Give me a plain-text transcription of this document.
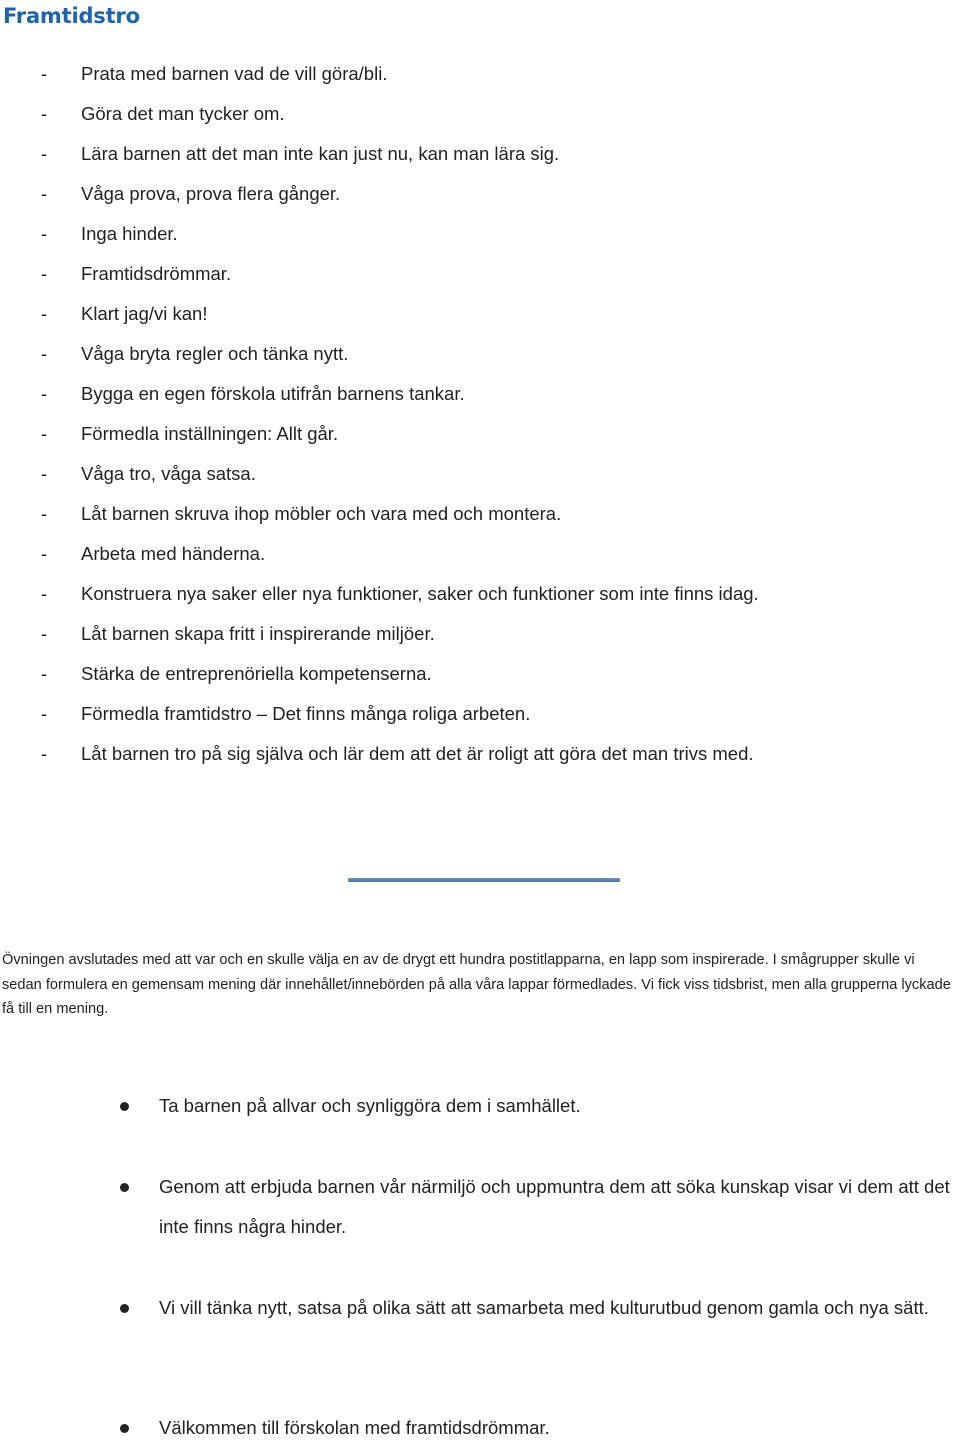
Framtidstro
- Prata med barnen vad de vill göra/bli.
- Göra det man tycker om.
- Lära barnen att det man inte kan just nu, kan man lära sig.
- Våga prova, prova flera gånger.
- Inga hinder.
- Framtidsdrömmar.
- Klart jag/vi kan!
- Våga bryta regler och tänka nytt.
- Bygga en egen förskola utifrån barnens tankar.
- Förmedla inställningen: Allt går.
- Våga tro, våga satsa.
- Låt barnen skruva ihop möbler och vara med och montera.
- Arbeta med händerna.
- Konstruera nya saker eller nya funktioner, saker och funktioner som inte finns idag.
- Låt barnen skapa fritt i inspirerande miljöer.
- Stärka de entreprenöriella kompetenserna.
- Förmedla framtidstro – Det finns många roliga arbeten.
- Låt barnen tro på sig själva och lär dem att det är roligt att göra det man trivs med.

Övningen avslutades med att var och en skulle välja en av de drygt ett hundra postitlapparna, en lapp som inspirerade. I smågrupper skulle vi sedan formulera en gemensam mening där innehållet/innebörden på alla våra lappar förmedlades. Vi fick viss tidsbrist, men alla grupperna lyckade få till en mening.

Ta barnen på allvar och synliggöra dem i samhället.
Genom att erbjuda barnen vår närmiljö och uppmuntra dem att söka kunskap visar vi dem att det inte finns några hinder.
Vi vill tänka nytt, satsa på olika sätt att samarbeta med kulturutbud genom gamla och nya sätt.
Välkommen till förskolan med framtidsdrömmar.
